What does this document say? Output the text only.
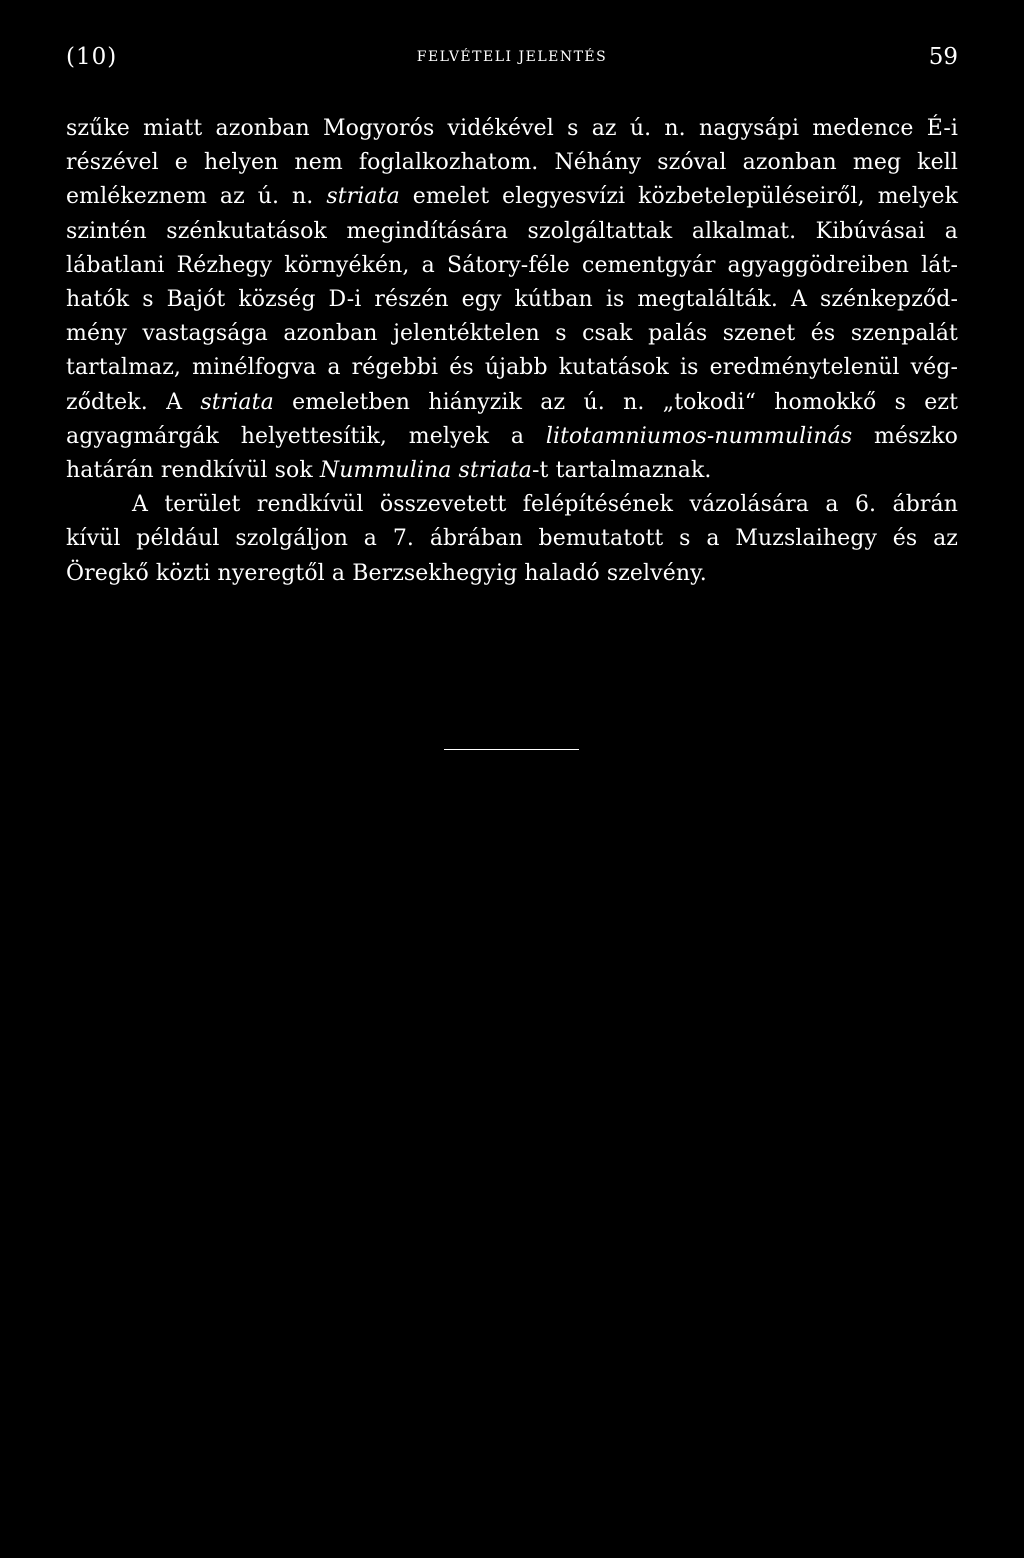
(10)	FELVÉTELI JELENTÉS	59
szűke miatt azonban Mogyorós vidékével s az ú. n. nagysápi medence É-i
részével e helyen nem foglalkozhatom. Néhány szóval azonban meg kell
emlékeznem az ú. n. striata emelet elegyesvízi közbetelepüléseiről, melyek
szintén szénkutatások megindítására szolgáltattak alkalmat. Kibúvásai a
lábatlani Rézhegy környékén, a Sátory-féle cementgyár agyaggödreiben lát-
hatók s Bajót község D-i részén egy kútban is megtalálták. A szénkepződ-
mény vastagsága azonban jelentéktelen s csak palás szenet és szenpalát
tartalmaz, minélfogva a régebbi és újabb kutatások is eredménytelenül vég-
ződtek. A striata emeletben hiányzik az ú. n. „tokodi“ homokkő s ezt
agyagmárgák helyettesítik, melyek a litotamniumos-nummulinás mészko
határán rendkívül sok Nummulina striata-t tartalmaznak.
A terület rendkívül összevetett felépítésének vázolására a 6. ábrán
kívül például szolgáljon a 7. ábrában bemutatott s a Muzslaihegy és az
Öregkő közti nyeregtől a Berzsekhegyig haladó szelvény.
